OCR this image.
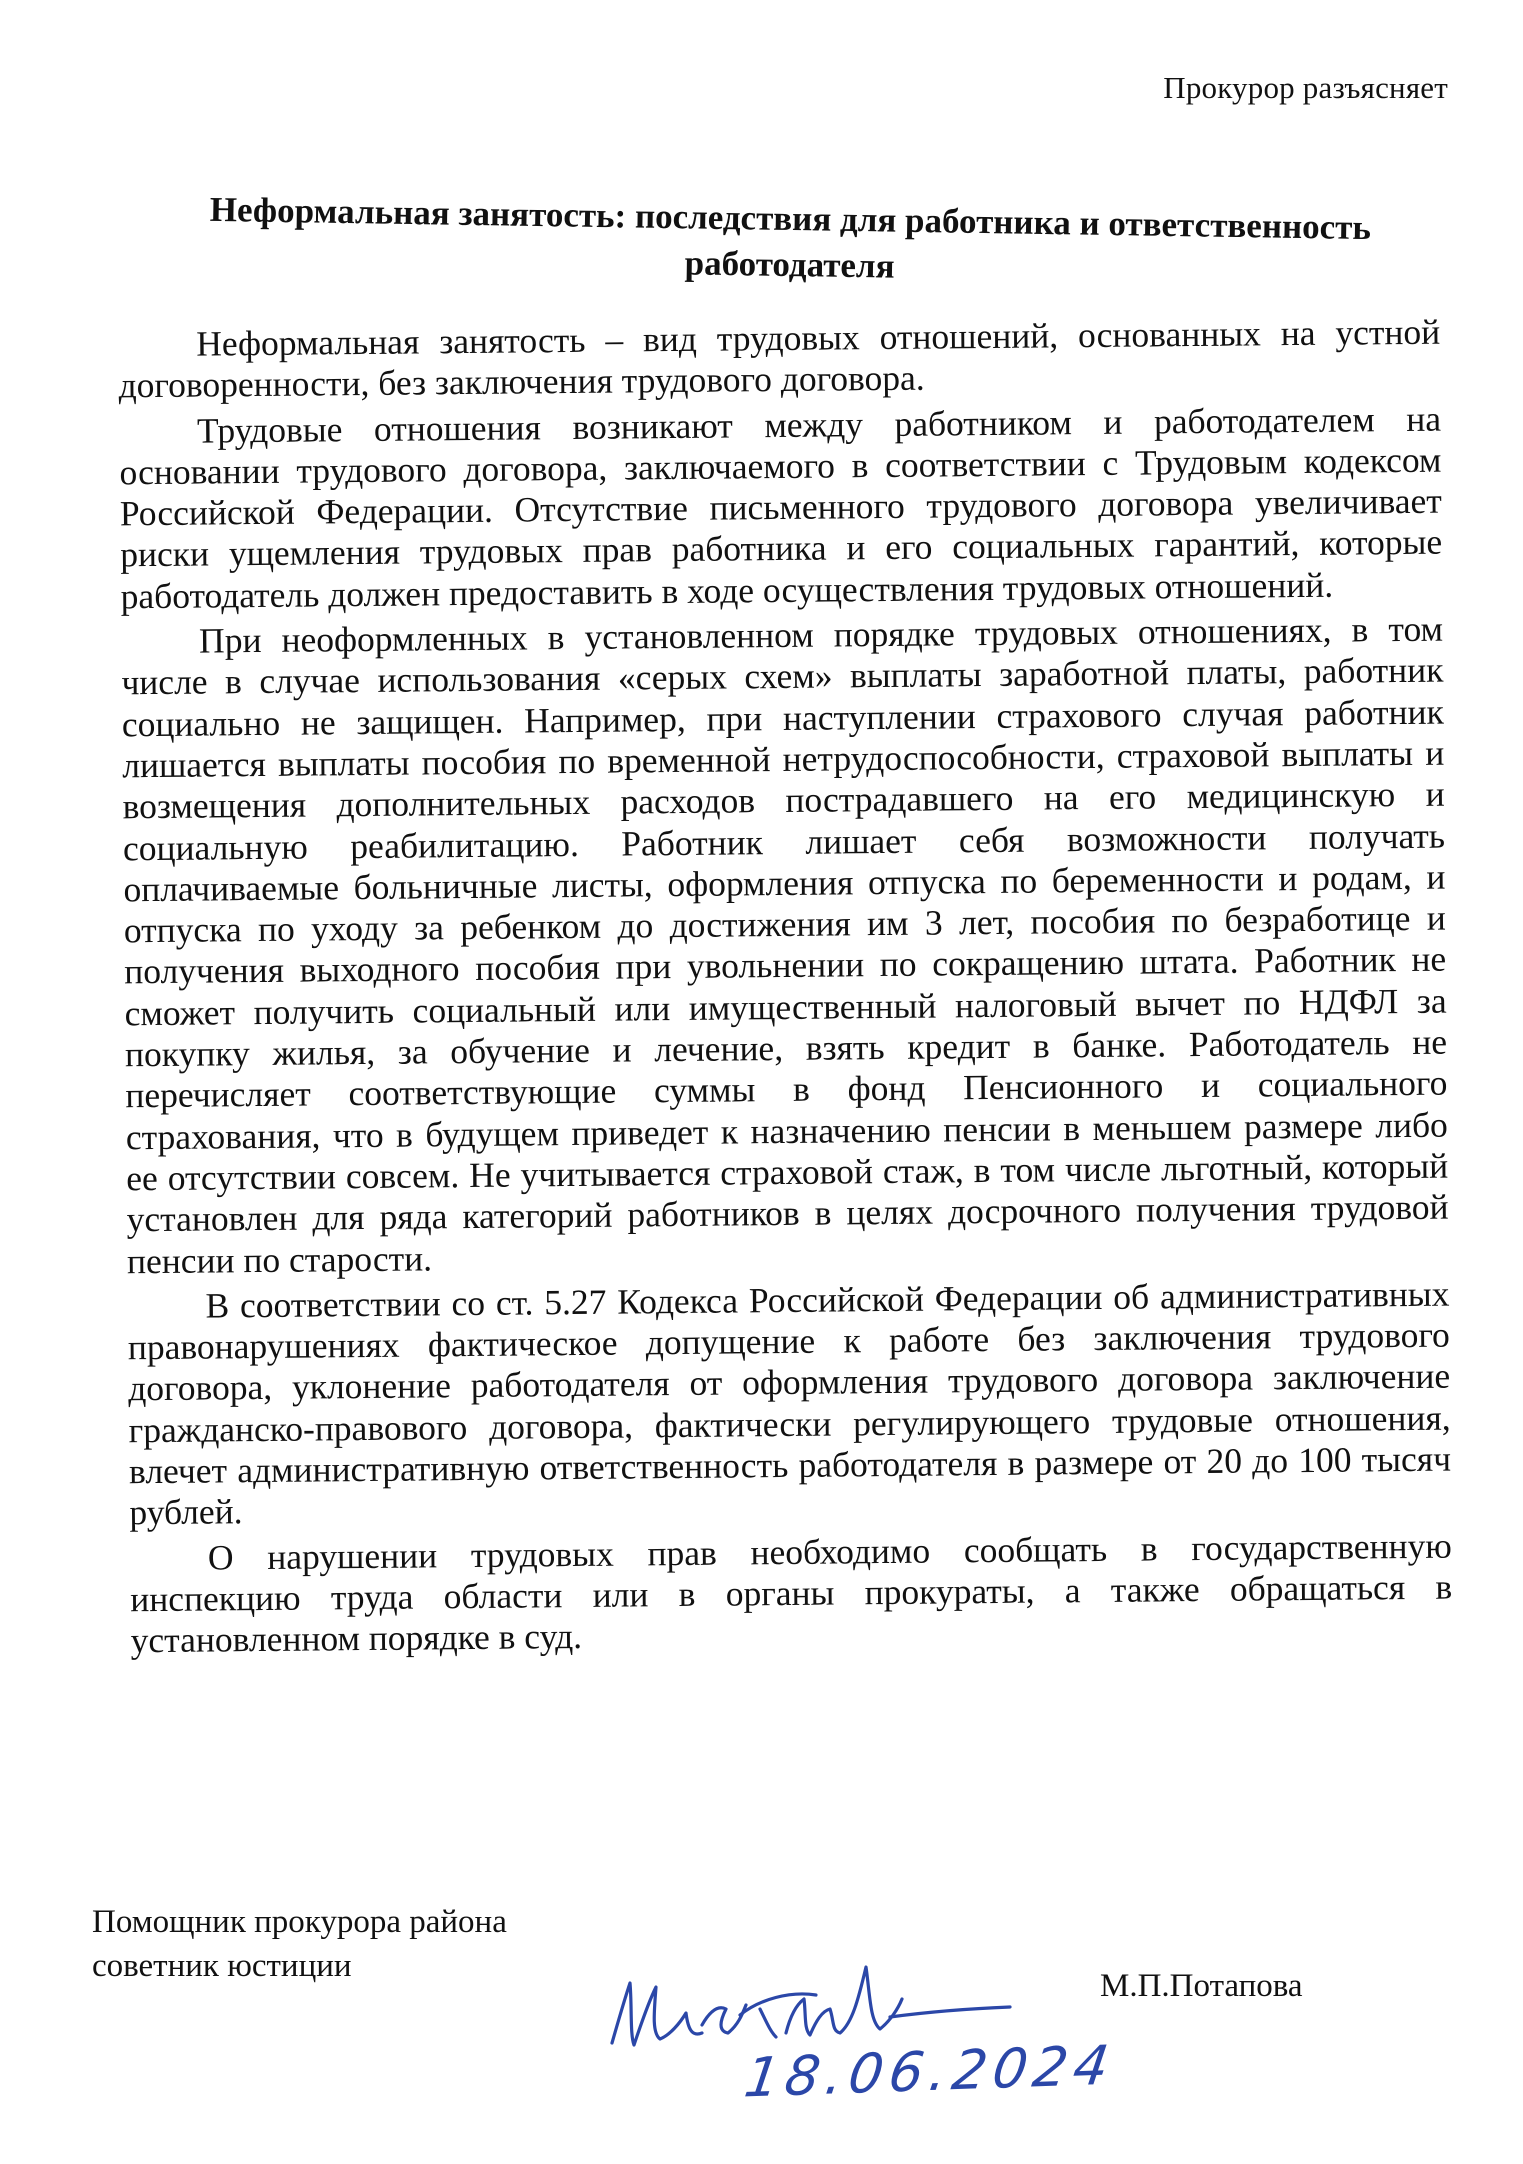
Прокурор разъясняет
Неформальная занятость: последствия для работника и ответственность
работодателя

Неформальная занятость – вид трудовых отношений, основанных на устной договоренности, без заключения трудового договора.

Трудовые отношения возникают между работником и работодателем на основании трудового договора, заключаемого в соответствии с Трудовым кодексом Российской Федерации. Отсутствие письменного трудового договора увеличивает риски ущемления трудовых прав работника и его социальных гарантий, которые работодатель должен предоставить в ходе осуществления трудовых отношений.

При неоформленных в установленном порядке трудовых отношениях, в том числе в случае использования «серых схем» выплаты заработной платы, работник социально не защищен. Например, при наступлении страхового случая работник лишается выплаты пособия по временной нетрудоспособности, страховой выплаты и возмещения дополнительных расходов пострадавшего на его медицинскую и социальную реабилитацию. Работник лишает себя возможности получать оплачиваемые больничные листы, оформления отпуска по беременности и родам, и отпуска по уходу за ребенком до достижения им 3 лет, пособия по безработице и получения выходного пособия при увольнении по сокращению штата. Работник не сможет получить социальный или имущественный налоговый вычет по НДФЛ за покупку жилья, за обучение и лечение, взять кредит в банке. Работодатель не перечисляет соответствующие суммы в фонд Пенсионного и социального страхования, что в будущем приведет к назначению пенсии в меньшем размере либо ее отсутствии совсем. Не учитывается страховой стаж, в том числе льготный, который установлен для ряда категорий работников в целях досрочного получения трудовой пенсии по старости.

В соответствии со ст. 5.27 Кодекса Российской Федерации об административных правонарушениях фактическое допущение к работе без заключения трудового договора, уклонение работодателя от оформления трудового договора заключение гражданско-правового договора, фактически регулирующего трудовые отношения, влечет административную ответственность работодателя в размере от 20 до 100 тысяч рублей.

О нарушении трудовых прав необходимо сообщать в государственную инспекцию труда области или в органы прокураты, а также обращаться в установленном порядке в суд.

Помощник прокурора района
советник юстиции
18.06.2024
М.П.Потапова
